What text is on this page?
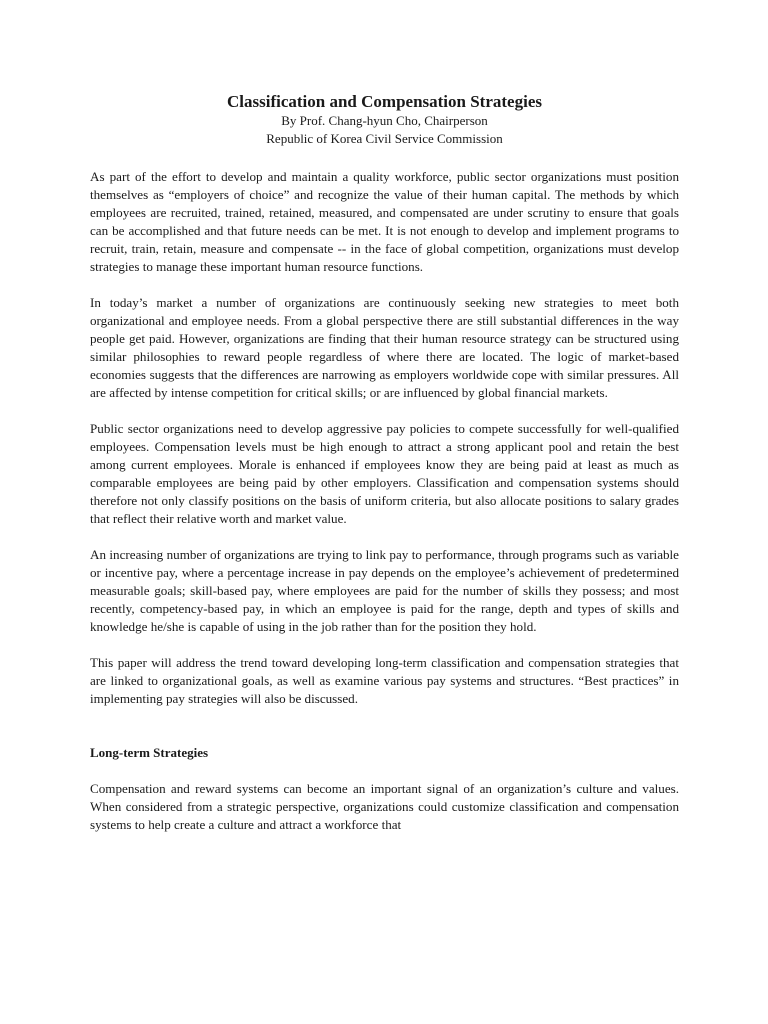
Classification and Compensation Strategies

By Prof. Chang-hyun Cho, Chairperson

Republic of Korea Civil Service Commission

As part of the effort to develop and maintain a quality workforce, public sector organizations must position themselves as “employers of choice” and recognize the value of their human capital. The methods by which employees are recruited, trained, retained, measured, and compensated are under scrutiny to ensure that goals can be accomplished and that future needs can be met. It is not enough to develop and implement programs to recruit, train, retain, measure and compensate -- in the face of global competition, organizations must develop strategies to manage these important human resource functions.

In today’s market a number of organizations are continuously seeking new strategies to meet both organizational and employee needs. From a global perspective there are still substantial differences in the way people get paid. However, organizations are finding that their human resource strategy can be structured using similar philosophies to reward people regardless of where there are located. The logic of market-based economies suggests that the differences are narrowing as employers worldwide cope with similar pressures. All are affected by intense competition for critical skills; or are influenced by global financial markets.

Public sector organizations need to develop aggressive pay policies to compete successfully for well-qualified employees. Compensation levels must be high enough to attract a strong applicant pool and retain the best among current employees. Morale is enhanced if employees know they are being paid at least as much as comparable employees are being paid by other employers. Classification and compensation systems should therefore not only classify positions on the basis of uniform criteria, but also allocate positions to salary grades that reflect their relative worth and market value.

An increasing number of organizations are trying to link pay to performance, through programs such as variable or incentive pay, where a percentage increase in pay depends on the employee’s achievement of predetermined measurable goals; skill-based pay, where employees are paid for the number of skills they possess; and most recently, competency-based pay, in which an employee is paid for the range, depth and types of skills and knowledge he/she is capable of using in the job rather than for the position they hold.

This paper will address the trend toward developing long-term classification and compensation strategies that are linked to organizational goals, as well as examine various pay systems and structures. “Best practices” in implementing pay strategies will also be discussed.

Long-term Strategies

Compensation and reward systems can become an important signal of an organization’s culture and values. When considered from a strategic perspective, organizations could customize classification and compensation systems to help create a culture and attract a workforce that
